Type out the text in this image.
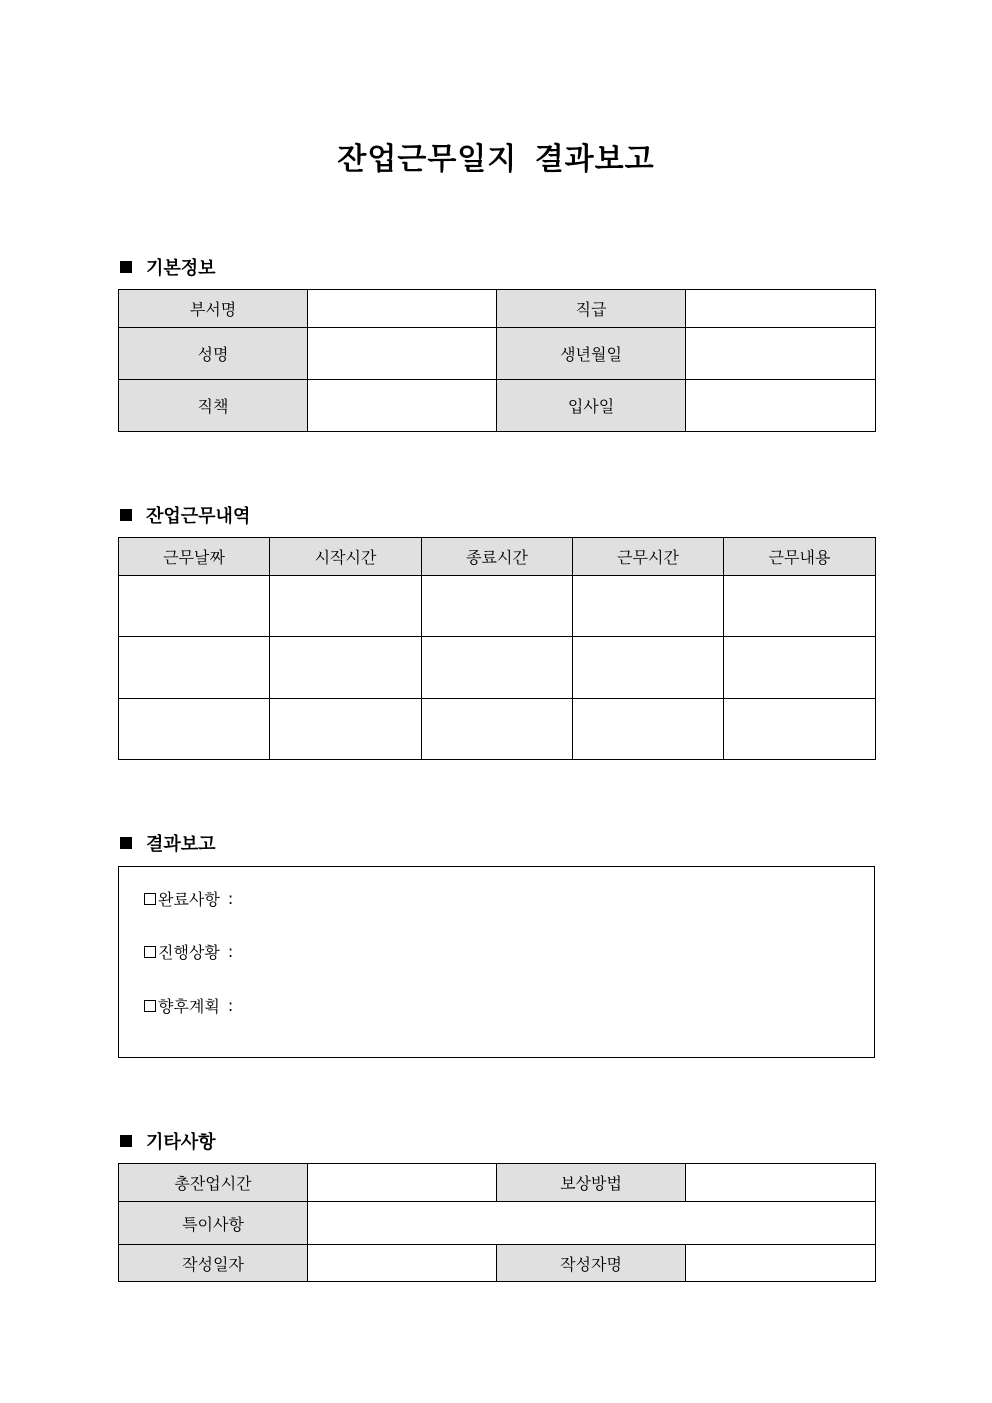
잔업근무일지 결과보고
기본정보
부서명		직급	
성명		생년월일	
직책		입사일	
잔업근무내역
근무날짜	시작시간	종료시간	근무시간	근무내용

결과보고
완료사항 :
진행상황 :
향후계획 :
기타사항
총잔업시간		보상방법	
특이사항			
작성일자		작성자명	
